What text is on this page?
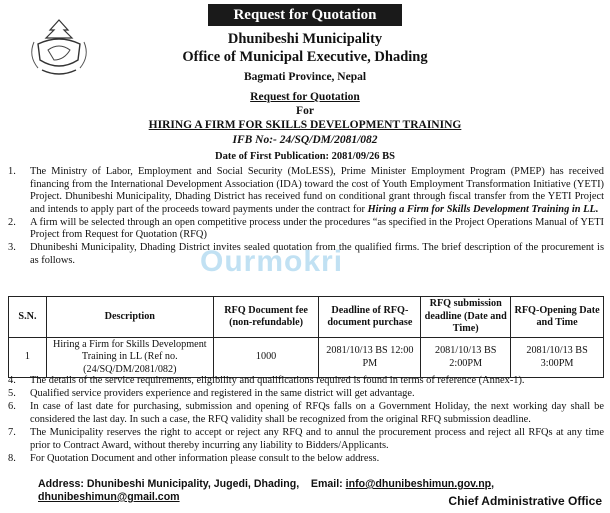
Request for Quotation
Dhunibeshi Municipality
Office of Municipal Executive, Dhading
Bagmati Province, Nepal
Request for Quotation
For
HIRING A FIRM FOR SKILLS DEVELOPMENT TRAINING
IFB No:- 24/SQ/DM/2081/082
Date of First Publication: 2081/09/26 BS
1.	The Ministry of Labor, Employment and Social Security (MoLESS), Prime Minister Employment Program (PMEP) has received financing from the International Development Association (IDA) toward the cost of Youth Employment Transformation Initiative (YETI) Project. Dhunibeshi Municipality, Dhading District has received fund on conditional grant through fiscal transfer from the YETI Project and intends to apply part of the proceeds toward payments under the contract for Hiring a Firm for Skills Development Training in LL.
2.	A firm will be selected through an open competitive process under the procedures “as specified in the Project Operations Manual of YETI Project from Request for Quotation (RFQ)
3.	Dhunibeshi Municipality, Dhading District invites sealed quotation from the qualified firms. The brief description of the procurement is as follows.	Ourmokri
S.N.	Description	RFQ Document fee (non-refundable)	Deadline of RFQ-document purchase	RFQ submission deadline (Date and Time)	RFQ-Opening Date and Time
1	Hiring a Firm for Skills Development Training in LL (Ref no. (24/SQ/DM/2081/082)	1000	2081/10/13 BS 12:00 PM	2081/10/13 BS 2:00PM	2081/10/13 BS 3:00PM
4.	The details of the service requirements, eligibility and qualifications required is found in terms of reference (Annex-1).
5.	Qualified service providers experience and registered in the same district will get advantage.
6.	In case of last date for purchasing, submission and opening of RFQs falls on a Government Holiday, the next working day shall be considered the last day. In such a case, the RFQ validity shall be recognized from the original RFQ submission deadline.
7.	The Municipality reserves the right to accept or reject any RFQ and to annul the procurement process and reject all RFQs at any time prior to Contract Award, without thereby incurring any liability to Bidders/Applicants.
8.	For Quotation Document and other information please consult to the below address.
Address: Dhunibeshi Municipality, Jugedi, Dhading, Email: info@dhunibeshimun.gov.np, dhunibeshimun@gmail.com	Chief Administrative Office
